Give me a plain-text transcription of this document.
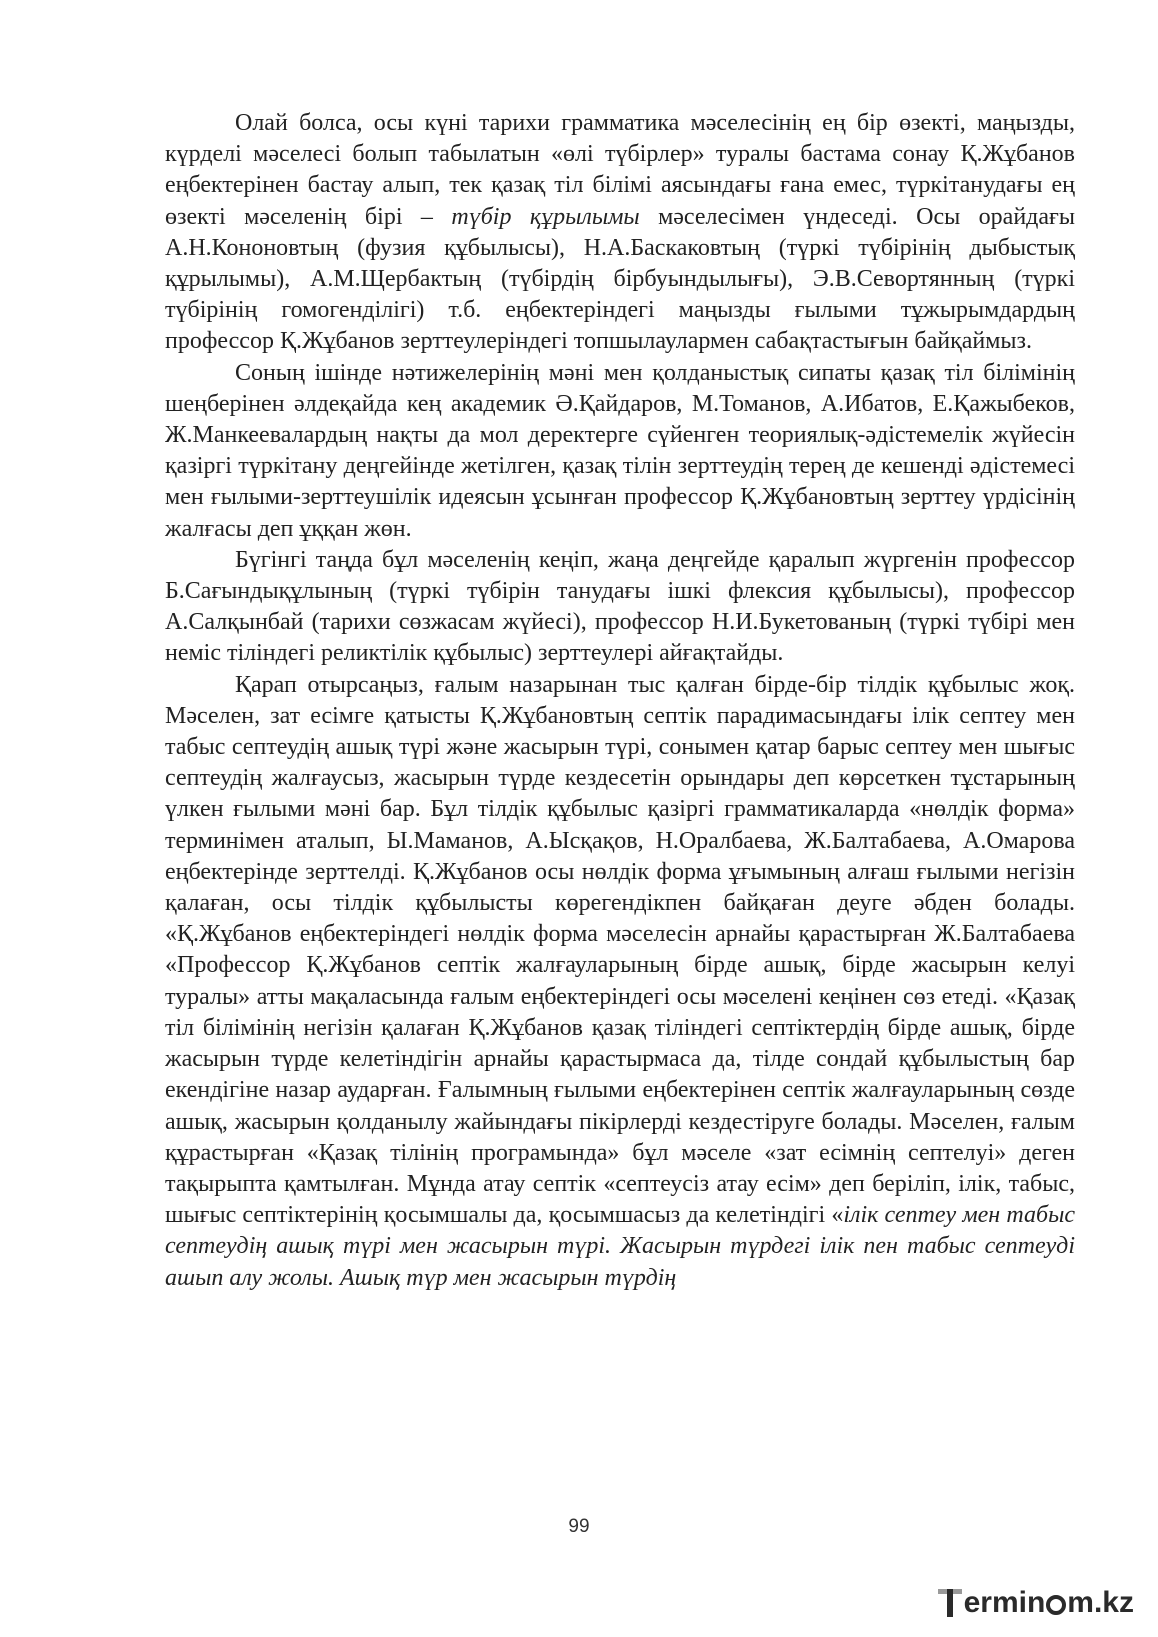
Олай болса, осы күні тарихи грамматика мәселесінің ең бір өзекті, маңызды, күрделі мәселесі болып табылатын «өлі түбірлер» туралы бастама сонау Қ.Жұбанов еңбектерінен бастау алып, тек қазақ тіл білімі аясындағы ғана емес, түркітанудағы ең өзекті мәселенің бірі – түбір құрылымы мәселесімен үндеседі. Осы орайдағы А.Н.Кононовтың (фузия құбылысы), Н.А.Баскаковтың (түркі түбірінің дыбыстық құрылымы), А.М.Щербактың (түбірдің бірбуындылығы), Э.В.Севортянның (түркі түбірінің гомогенділігі) т.б. еңбектеріндегі маңызды ғылыми тұжырымдардың профессор Қ.Жұбанов зерттеулеріндегі топшылаулармен сабақтастығын байқаймыз.

Соның ішінде нәтижелерінің мәні мен қолданыстық сипаты қазақ тіл білімінің шеңберінен әлдеқайда кең академик Ә.Қайдаров, М.Томанов, А.Ибатов, Е.Қажыбеков, Ж.Манкеевалардың нақты да мол деректерге сүйенген теориялық-әдістемелік жүйесін қазіргі түркітану деңгейінде жетілген, қазақ тілін зерттеудің терең де кешенді әдістемесі мен ғылыми-зерттеушілік идеясын ұсынған профессор Қ.Жұбановтың зерттеу үрдісінің жалғасы деп ұққан жөн.

Бүгінгі таңда бұл мәселенің кеңіп, жаңа деңгейде қаралып жүргенін профессор Б.Сағындықұлының (түркі түбірін танудағы ішкі флексия құбылысы), профессор А.Салқынбай (тарихи сөзжасам жүйесі), профессор Н.И.Букетованың (түркі түбірі мен неміс тіліндегі реликтілік құбылыс) зерттеулері айғақтайды.

Қарап отырсаңыз, ғалым назарынан тыс қалған бірде-бір тілдік құбылыс жоқ. Мәселен, зат есімге қатысты Қ.Жұбановтың септік парадимасындағы ілік септеу мен табыс септеудің ашық түрі және жасырын түрі, сонымен қатар барыс септеу мен шығыс септеудің жалғаусыз, жасырын түрде кездесетін орындары деп көрсеткен тұстарының үлкен ғылыми мәні бар. Бұл тілдік құбылыс қазіргі грамматикаларда «нөлдік форма» терминімен аталып, Ы.Маманов, А.Ысқақов, Н.Оралбаева, Ж.Балтабаева, А.Омарова еңбектерінде зерттелді. Қ.Жұбанов осы нөлдік форма ұғымының алғаш ғылыми негізін қалаған, осы тілдік құбылысты көрегендікпен байқаған деуге әбден болады. «Қ.Жұбанов еңбектеріндегі нөлдік форма мәселесін арнайы қарастырған Ж.Балтабаева «Профессор Қ.Жұбанов септік жалғауларының бірде ашық, бірде жасырын келуі туралы» атты мақаласында ғалым еңбектеріндегі осы мәселені кеңінен сөз етеді. «Қазақ тіл білімінің негізін қалаған Қ.Жұбанов қазақ тіліндегі септіктердің бірде ашық, бірде жасырын түрде келетіндігін арнайы қарастырмаса да, тілде сондай құбылыстың бар екендігіне назар аударған. Ғалымның ғылыми еңбектерінен септік жалғауларының сөзде ашық, жасырын қолданылу жайындағы пікірлерді кездестіруге болады. Мәселен, ғалым құрастырған «Қазақ тілінің програмында» бұл мәселе «зат есімнің септелуі» деген тақырыпта қамтылған. Мұнда атау септік «септеусіз атау есім» деп беріліп, ілік, табыс, шығыс септіктерінің қосымшалы да, қосымшасыз да келетіндігі «ілік септеу мен табыс септеудің ашық түрі мен жасырын түрі. Жасырын түрдегі ілік пен табыс септеуді ашып алу жолы. Ашық түр мен жасырын түрдің

99
ermin m.kz
